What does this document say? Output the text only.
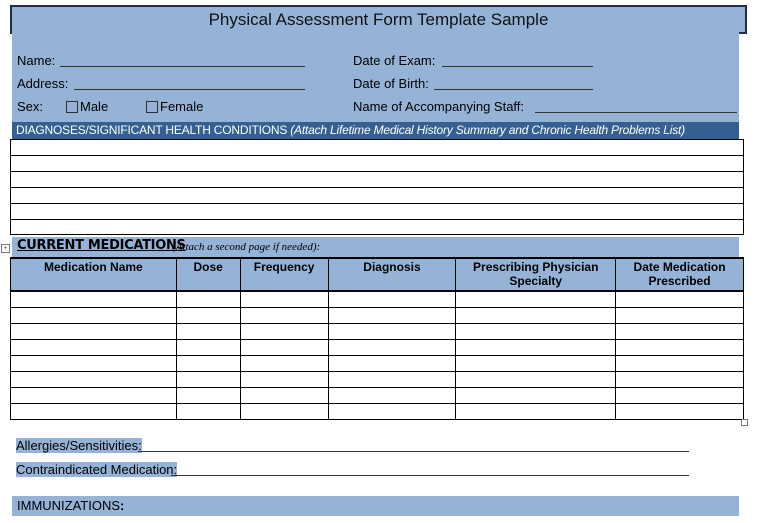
Physical Assessment Form Template Sample
Name:
Address:
Sex:	Male	Female
Date of Exam:
Date of Birth:
Name of Accompanying Staff:
DIAGNOSES/SIGNIFICANT HEALTH CONDITIONS (Attach Lifetime Medical History Summary and Chronic Health Problems List)
+ CURRENT MEDICATIONS
(Attach a second page if needed):
Medication Name	Dose	Frequency	Diagnosis	Prescribing Physician Specialty	Date Medication Prescribed

Allergies/Sensitivities:
Contraindicated Medication:
IMMUNIZATIONS:
